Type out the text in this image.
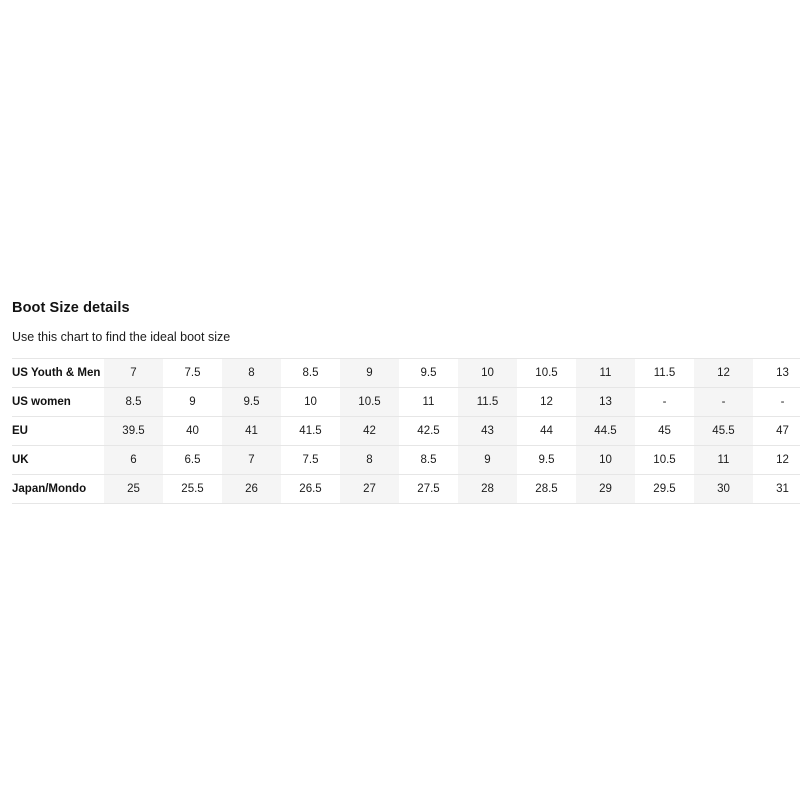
Boot Size details

Use this chart to find the ideal boot size

US Youth & Men	7	7.5	8	8.5	9	9.5	10	10.5	11	11.5	12	13
US women	8.5	9	9.5	10	10.5	11	11.5	12	13	-	-	-
EU	39.5	40	41	41.5	42	42.5	43	44	44.5	45	45.5	47
UK	6	6.5	7	7.5	8	8.5	9	9.5	10	10.5	11	12
Japan/Mondo	25	25.5	26	26.5	27	27.5	28	28.5	29	29.5	30	31
